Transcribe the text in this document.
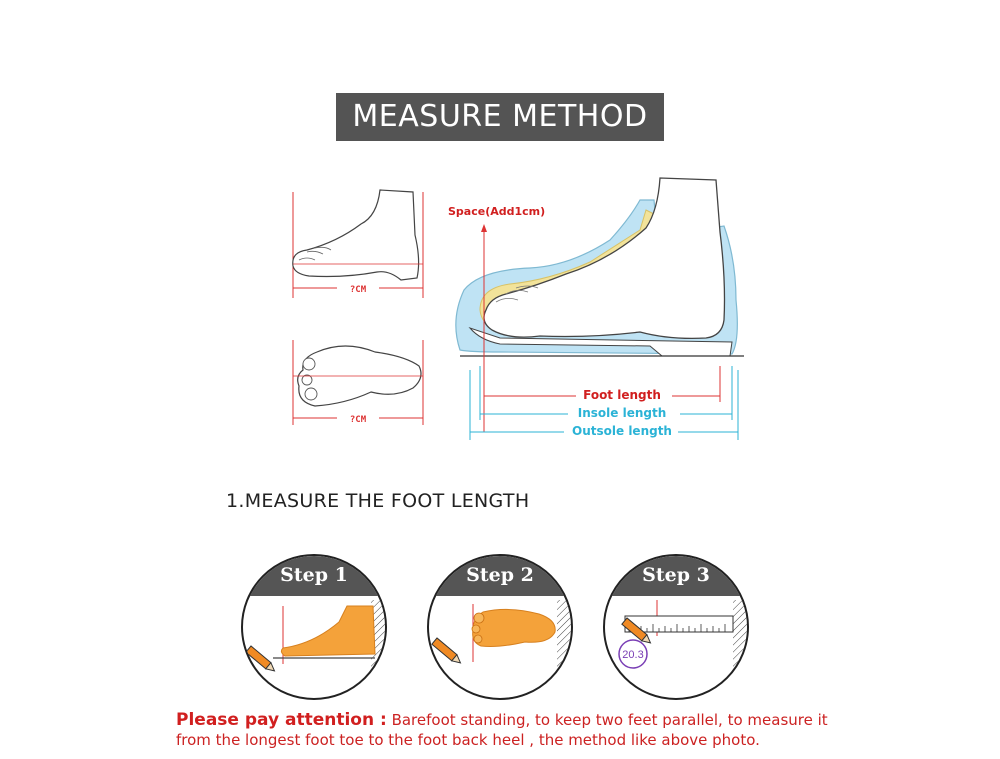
MEASURE METHOD
?CM
?CM
Space(Add1cm)
Foot length
Insole length
Outsole length
1.MEASURE THE FOOT LENGTH
Step 1	Step 2	Step 3
20.3
Please pay attention : Barefoot standing, to keep two feet parallel, to measure it from the longest foot toe to the foot back heel , the method like above photo.
